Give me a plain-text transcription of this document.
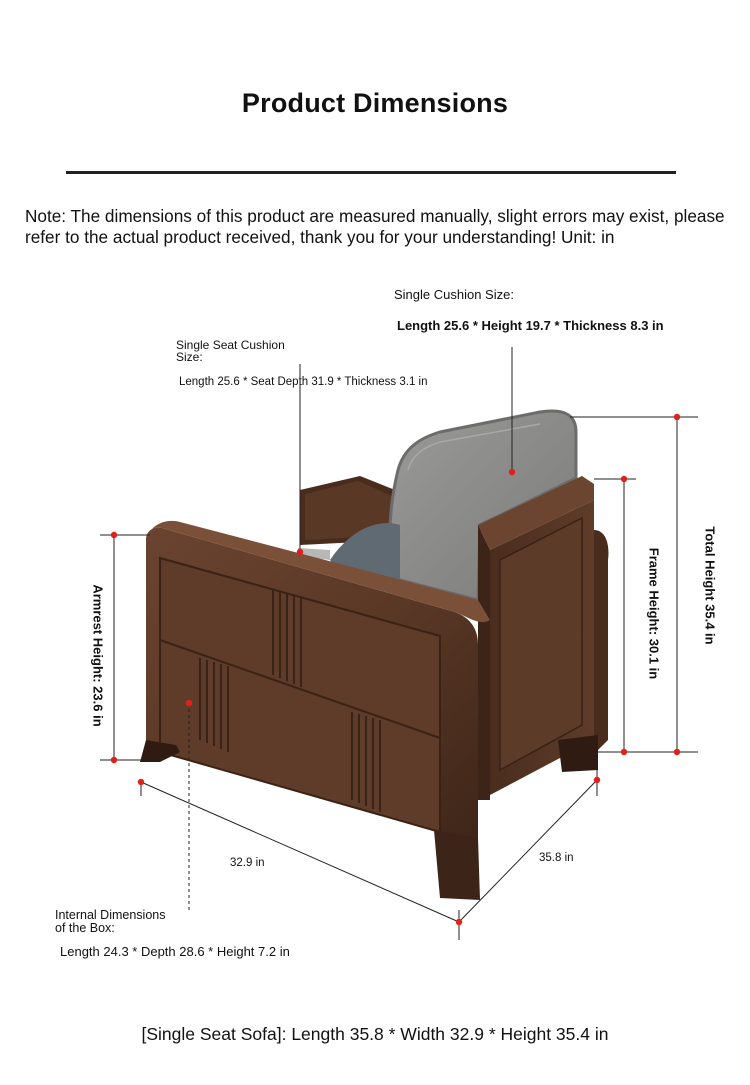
Product Dimensions
Note: The dimensions of this product are measured manually, slight errors may exist, please refer to the actual product received, thank you for your understanding! Unit: in
Single Cushion Size:
Length 25.6 * Height 19.7 * Thickness 8.3 in
Single Seat Cushion
Size:
Length 25.6 * Seat Depth 31.9 * Thickness 3.1 in
Armrest Height: 23.6 in	Frame Height: 30.1 in	Total Height 35.4 in
32.9 in	35.8 in
Internal Dimensions
of the Box:
Length 24.3 * Depth 28.6 * Height 7.2 in
[Single Seat Sofa]: Length 35.8 * Width 32.9 * Height 35.4 in
